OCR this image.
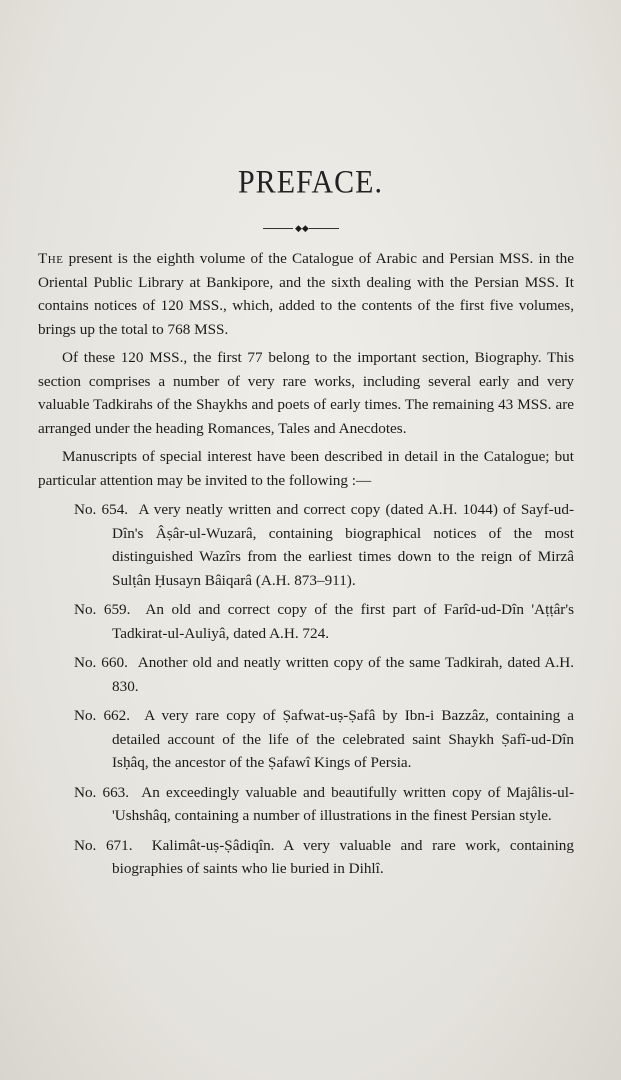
PREFACE.
◆◆

The present is the eighth volume of the Catalogue of Arabic and Persian MSS. in the Oriental Public Library at Bankipore, and the sixth dealing with the Persian MSS. It contains notices of 120 MSS., which, added to the contents of the first five volumes, brings up the total to 768 MSS.

Of these 120 MSS., the first 77 belong to the important section, Biography. This section comprises a number of very rare works, including several early and very valuable Tadkirahs of the Shaykhs and poets of early times. The remaining 43 MSS. are arranged under the heading Romances, Tales and Anecdotes.

Manuscripts of special interest have been described in detail in the Catalogue; but particular attention may be invited to the following :—

No. 654. A very neatly written and correct copy (dated A.H. 1044) of Sayf-ud-Dîn's Âṣâr-ul-Wuzarâ, containing biographical notices of the most distinguished Wazîrs from the earliest times down to the reign of Mirzâ Sulṭân Ḥusayn Bâiqarâ (A.H. 873–911).

No. 659. An old and correct copy of the first part of Farîd-ud-Dîn 'Aṭṭâr's Tadkirat-ul-Auliyâ, dated A.H. 724.

No. 660. Another old and neatly written copy of the same Tadkirah, dated A.H. 830.

No. 662. A very rare copy of Ṣafwat-uṣ-Ṣafâ by Ibn-i Bazzâz, containing a detailed account of the life of the celebrated saint Shaykh Ṣafî-ud-Dîn Isḥâq, the ancestor of the Ṣafawî Kings of Persia.

No. 663. An exceedingly valuable and beautifully written copy of Majâlis-ul-'Ushshâq, containing a number of illustrations in the finest Persian style.

No. 671. Kalimât-uṣ-Ṣâdiqîn. A very valuable and rare work, containing biographies of saints who lie buried in Dihlî.
